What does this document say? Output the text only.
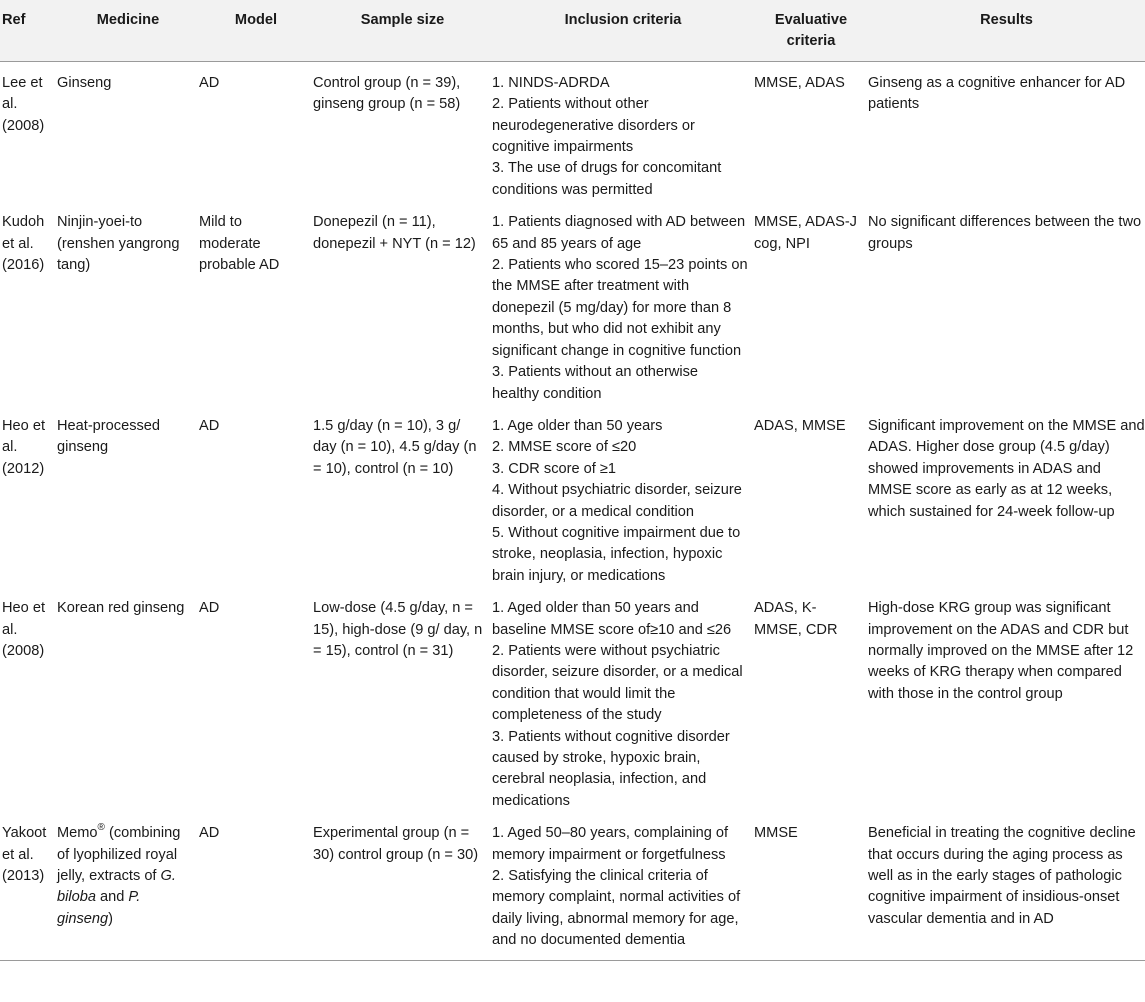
Ref	Medicine	Model	Sample size	Inclusion criteria	Evaluative criteria	Results
Lee et al. (2008)	Ginseng	AD	Control group (n = 39), ginseng group (n = 58)	1. NINDS-ADRDA
2. Patients without other neurodegenerative disorders or cognitive impairments
3. The use of drugs for concomitant conditions was permitted	MMSE, ADAS	Ginseng as a cognitive enhancer for AD patients
Kudoh et al. (2016)	Ninjin-yoei-to (renshen yangrong tang)	Mild to moderate probable AD	Donepezil (n = 11), donepezil + NYT (n = 12)	1. Patients diagnosed with AD between 65 and 85 years of age
2. Patients who scored 15–23 points on the MMSE after treatment with donepezil (5 mg/day) for more than 8 months, but who did not exhibit any significant change in cognitive function
3. Patients without an otherwise healthy condition	MMSE, ADAS-J cog, NPI	No significant differences between the two groups
Heo et al. (2012)	Heat-processed ginseng	AD	1.5 g/day (n = 10), 3 g/ day (n = 10), 4.5 g/day (n = 10), control (n = 10)	1. Age older than 50 years
2. MMSE score of ≤20
3. CDR score of ≥1
4. Without psychiatric disorder, seizure disorder, or a medical condition
5. Without cognitive impairment due to stroke, neoplasia, infection, hypoxic brain injury, or medications	ADAS, MMSE	Significant improvement on the MMSE and ADAS. Higher dose group (4.5 g/day) showed improvements in ADAS and MMSE score as early as at 12 weeks, which sustained for 24-week follow-up
Heo et al. (2008)	Korean red ginseng	AD	Low-dose (4.5 g/day, n = 15), high-dose (9 g/ day, n = 15), control (n = 31)	1. Aged older than 50 years and baseline MMSE score of≥10 and ≤26
2. Patients were without psychiatric disorder, seizure disorder, or a medical condition that would limit the completeness of the study
3. Patients without cognitive disorder caused by stroke, hypoxic brain, cerebral neoplasia, infection, and medications	ADAS, K-MMSE, CDR	High-dose KRG group was significant improvement on the ADAS and CDR but normally improved on the MMSE after 12 weeks of KRG therapy when compared with those in the control group
Yakoot et al. (2013)	Memo® (combining of lyophilized royal jelly, extracts of G. biloba and P. ginseng)	AD	Experimental group (n = 30) control group (n = 30)	1. Aged 50–80 years, complaining of memory impairment or forgetfulness
2. Satisfying the clinical criteria of memory complaint, normal activities of daily living, abnormal memory for age, and no documented dementia	MMSE	Beneficial in treating the cognitive decline that occurs during the aging process as well as in the early stages of pathologic cognitive impairment of insidious-onset vascular dementia and in AD
